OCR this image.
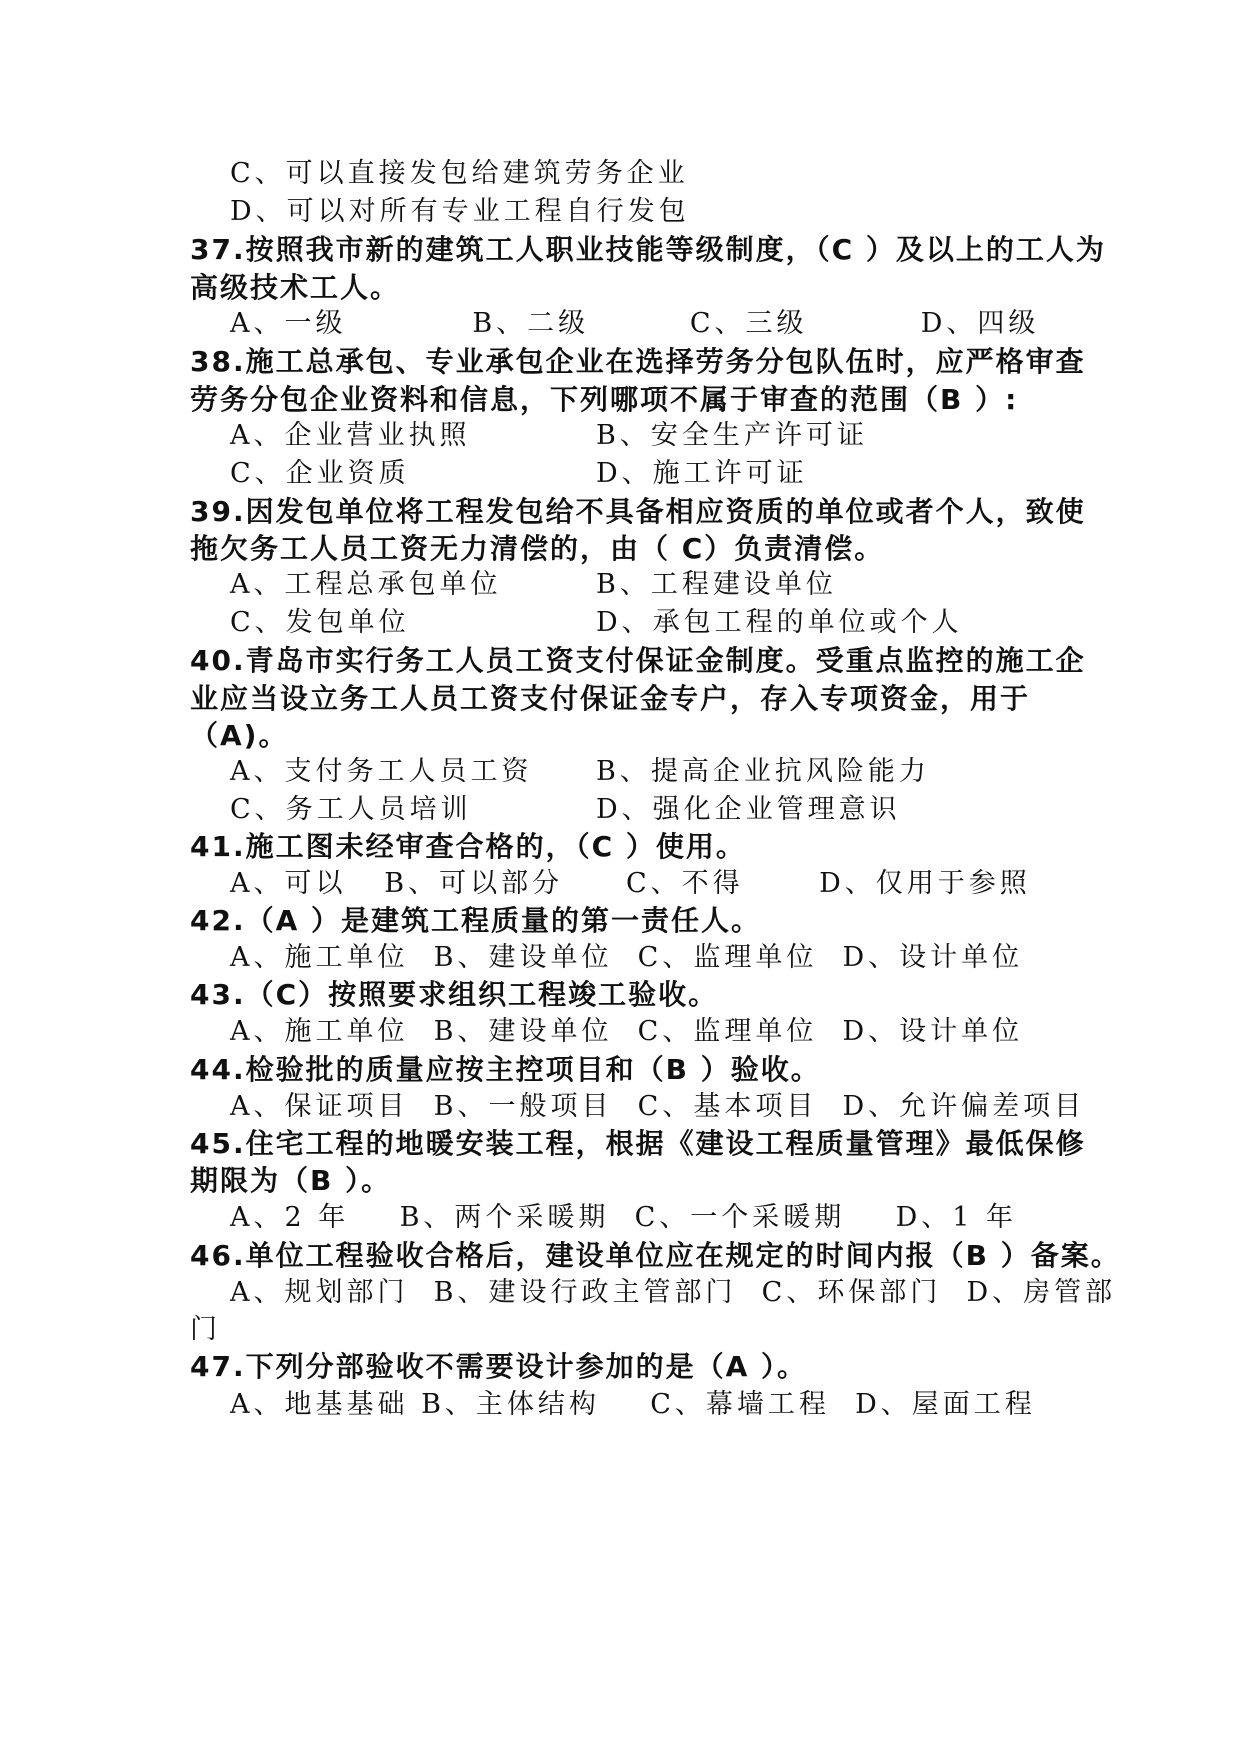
C、可以直接发包给建筑劳务企业
D、可以对所有专业工程自行发包
37.按照我市新的建筑工人职业技能等级制度，（C ）及以上的工人为
高级技术工人。
A、一级          B、二级        C、三级         D、四级
38.施工总承包、专业承包企业在选择劳务分包队伍时，应严格审查
劳务分包企业资料和信息，下列哪项不属于审查的范围（B ）:
A、企业营业执照	B、安全生产许可证
C、企业资质	D、施工许可证
39.因发包单位将工程发包给不具备相应资质的单位或者个人，致使
拖欠务工人员工资无力清偿的，由（ C）负责清偿。
A、工程总承包单位	B、工程建设单位
C、发包单位	D、承包工程的单位或个人
40.青岛市实行务工人员工资支付保证金制度。受重点监控的施工企
业应当设立务工人员工资支付保证金专户，存入专项资金，用于
（A)。
A、支付务工人员工资 B、提高企业抗风险能力
C、务工人员培训	D、强化企业管理意识
41.施工图未经审查合格的，（C ）使用。
A、可以   B、可以部分     C、不得      D、仅用于参照
42.（A ）是建筑工程质量的第一责任人。
A、施工单位  B、建设单位  C、监理单位  D、设计单位
43.（C）按照要求组织工程竣工验收。
A、施工单位  B、建设单位  C、监理单位  D、设计单位
44.检验批的质量应按主控项目和（B ）验收。
A、保证项目  B、一般项目  C、基本项目  D、允许偏差项目
45.住宅工程的地暖安装工程，根据《建设工程质量管理》最低保修
期限为（B ）。
A、2 年    B、两个采暖期  C、一个采暖期    D、1 年
46.单位工程验收合格后，建设单位应在规定的时间内报（B ）备案。
A、规划部门  B、建设行政主管部门  C、环保部门  D、房管部
门
47.下列分部验收不需要设计参加的是（A ）。
A、地基基础 B、主体结构    C、幕墙工程  D、屋面工程
